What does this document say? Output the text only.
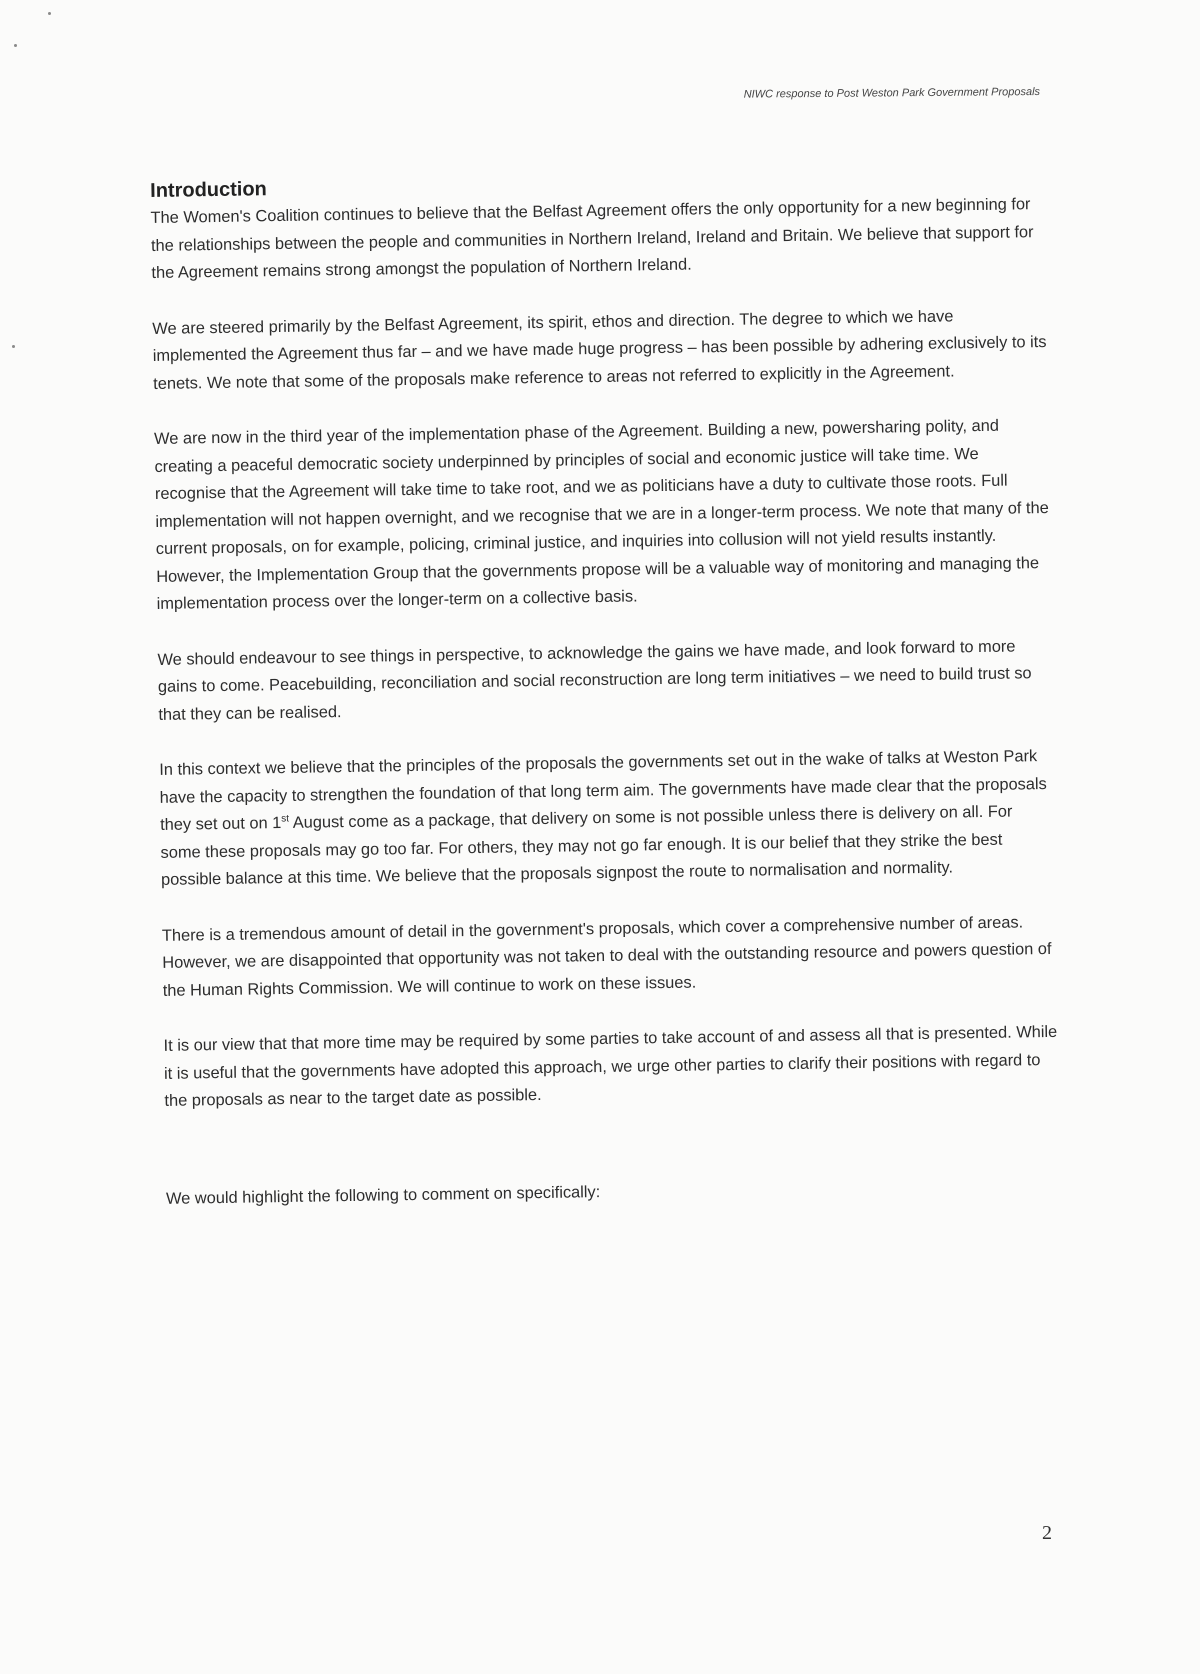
NIWC response to Post Weston Park Government Proposals
Introduction

The Women's Coalition continues to believe that the Belfast Agreement offers the only opportunity for a new beginning for the relationships between the people and communities in Northern Ireland, Ireland and Britain. We believe that support for the Agreement remains strong amongst the population of Northern Ireland.

We are steered primarily by the Belfast Agreement, its spirit, ethos and direction. The degree to which we have implemented the Agreement thus far – and we have made huge progress – has been possible by adhering exclusively to its tenets. We note that some of the proposals make reference to areas not referred to explicitly in the Agreement.

We are now in the third year of the implementation phase of the Agreement. Building a new, powersharing polity, and creating a peaceful democratic society underpinned by principles of social and economic justice will take time. We recognise that the Agreement will take time to take root, and we as politicians have a duty to cultivate those roots. Full implementation will not happen overnight, and we recognise that we are in a longer-term process. We note that many of the current proposals, on for example, policing, criminal justice, and inquiries into collusion will not yield results instantly. However, the Implementation Group that the governments propose will be a valuable way of monitoring and managing the implementation process over the longer-term on a collective basis.

We should endeavour to see things in perspective, to acknowledge the gains we have made, and look forward to more gains to come. Peacebuilding, reconciliation and social reconstruction are long term initiatives – we need to build trust so that they can be realised.

In this context we believe that the principles of the proposals the governments set out in the wake of talks at Weston Park have the capacity to strengthen the foundation of that long term aim. The governments have made clear that the proposals they set out on 1st August come as a package, that delivery on some is not possible unless there is delivery on all. For some these proposals may go too far. For others, they may not go far enough. It is our belief that they strike the best possible balance at this time. We believe that the proposals signpost the route to normalisation and normality.

There is a tremendous amount of detail in the government's proposals, which cover a comprehensive number of areas. However, we are disappointed that opportunity was not taken to deal with the outstanding resource and powers question of the Human Rights Commission. We will continue to work on these issues.

It is our view that that more time may be required by some parties to take account of and assess all that is presented. While it is useful that the governments have adopted this approach, we urge other parties to clarify their positions with regard to the proposals as near to the target date as possible.

We would highlight the following to comment on specifically:

2
